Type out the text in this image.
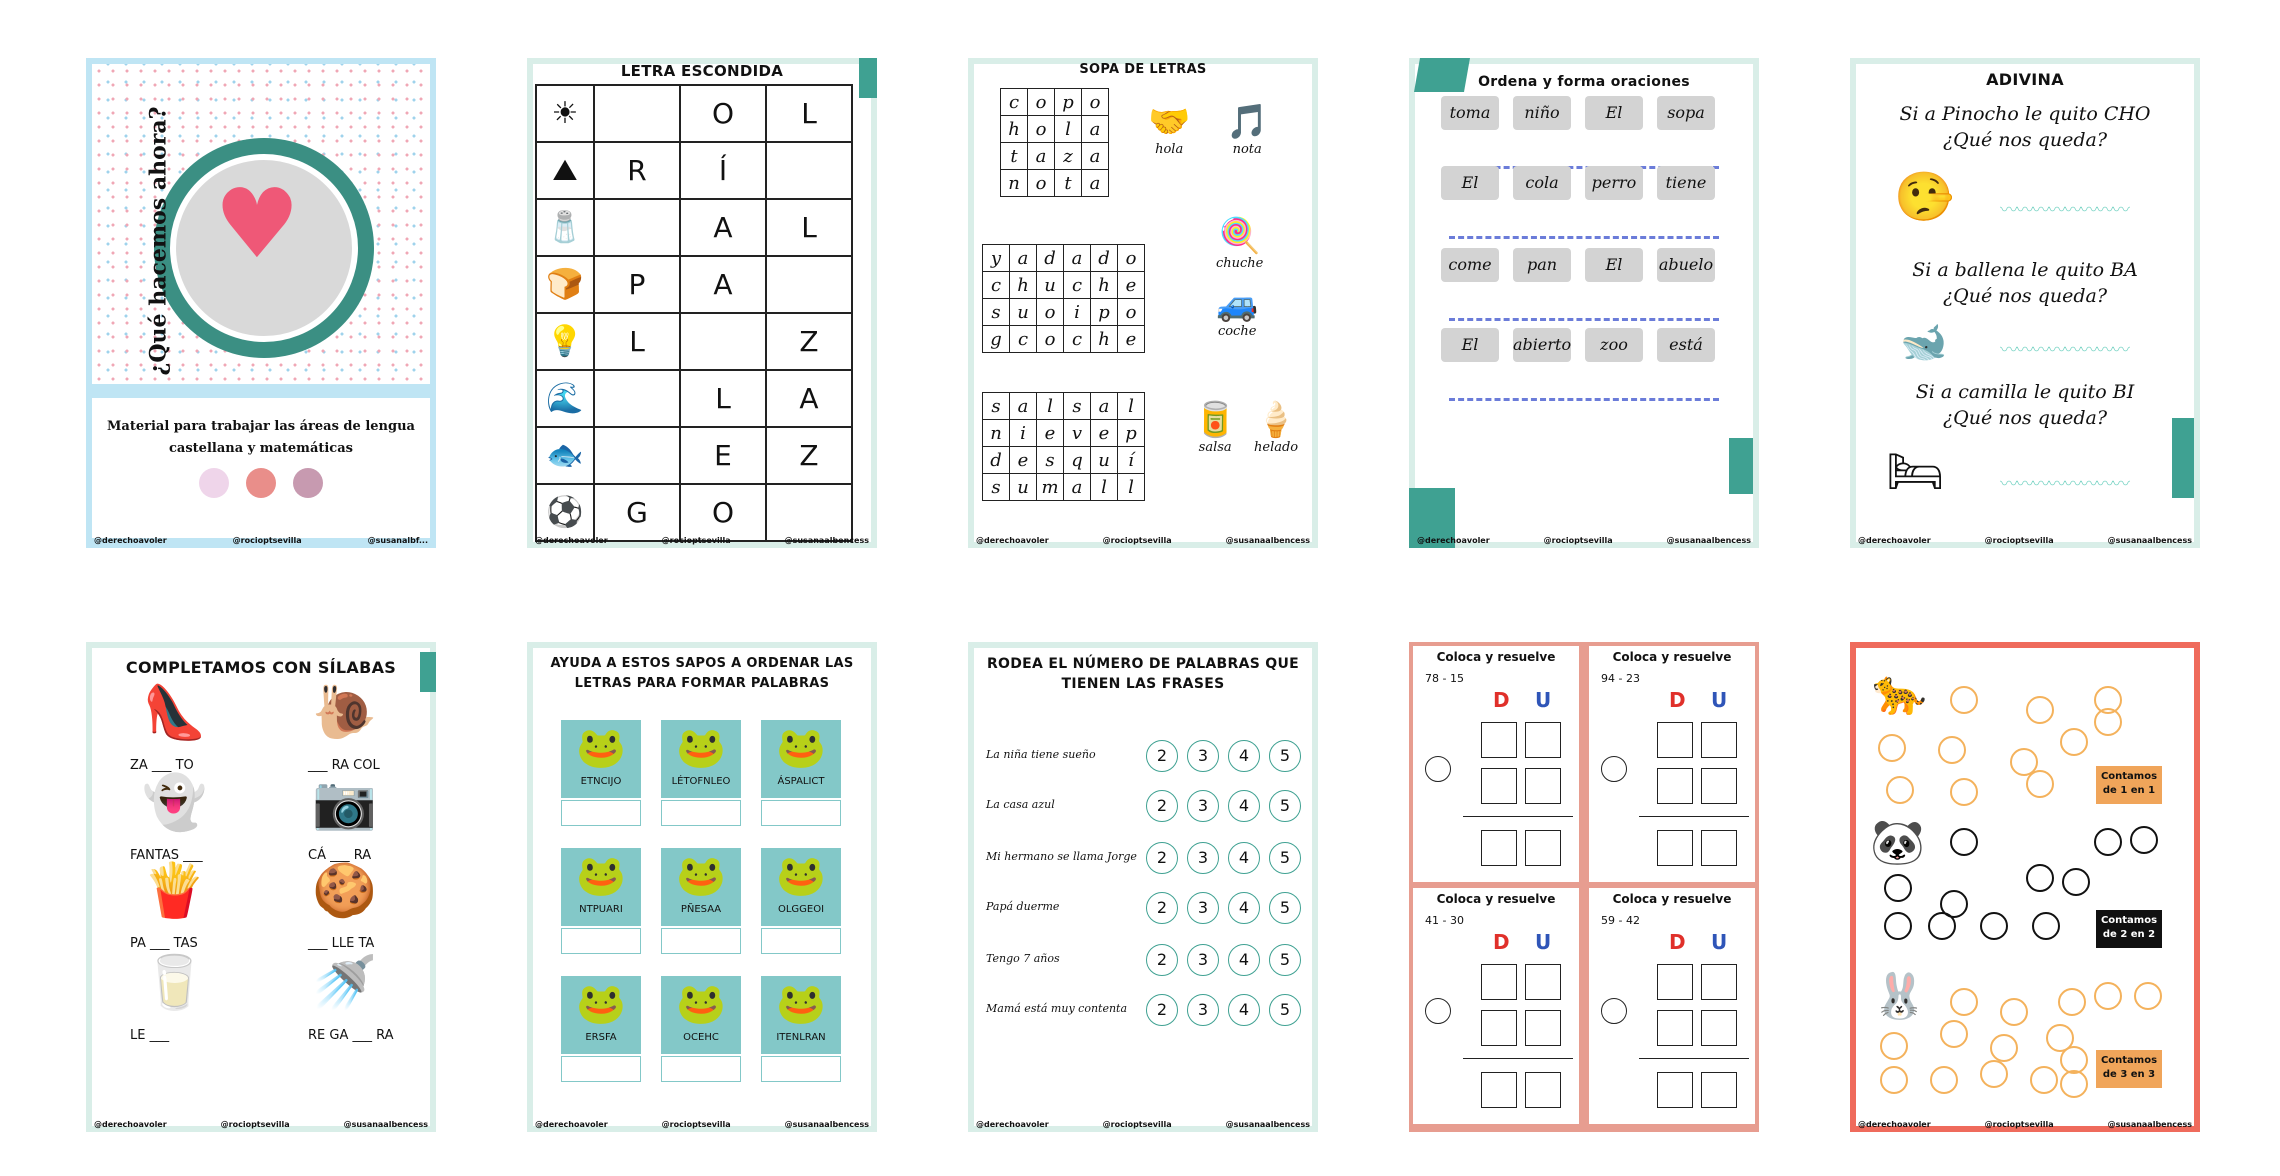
♥
¿Qué hacemos ahora?

Material para trabajar las áreas de lengua castellana y matemáticas

@derechoavoler	@rocioptsevilla	@susanalbf...
LETRA ESCONDIDA
☀		O	L
⛰	R	Í	
🧂		A	L
🍞	P	A	
💡	L		Z
🌊		L	A
🐟		E	Z
⚽	G	O	
@derechoavoler	@rocioptsevilla	@susanaalbencess
SOPA DE LETRAS
c	o	p	o
h	o	l	a
t	a	z	a
n	o	t	a
y	a	d	a	d	o
c	h	u	c	h	e
s	u	o	i	p	o
g	c	o	c	h	e
s	a	l	s	a	l
n	i	e	v	e	p
d	e	s	q	u	í
s	u	m	a	l	l
🤝
hola
🎵
nota
🍭
chuche
🚙
coche
🥫
salsa
🍦
helado
@derechoavoler	@rocioptsevilla	@susanaalbencess
Ordena y forma oraciones
@derechoavoler	@rocioptsevilla	@susanaalbencess
toma	niño	El	sopa
El	cola	perro	tiene
come	pan	El	abuelo
El	abierto	zoo	está
ADIVINA
Si a Pinocho le quito CHO
¿Qué nos queda?
🤥	〰〰〰〰〰〰〰〰
Si a ballena le quito BA
¿Qué nos queda?
🐋	〰〰〰〰〰〰〰〰
Si a camilla le quito BI
¿Qué nos queda?
🛏	〰〰〰〰〰〰〰〰
@derechoavoler	@rocioptsevilla	@susanaalbencess
COMPLETAMOS CON SÍLABAS
@derechoavoler	@rocioptsevilla	@susanaalbencess
👠
ZA ___ TO
👻
FANTAS ___
🍟
PA ___ TAS
🥛
LE ___
🐌
___ RA COL
📷
CÁ ___ RA
🍪
___ LLE TA
🚿
RE GA ___ RA
AYUDA A ESTOS SAPOS A ORDENAR LAS LETRAS PARA FORMAR PALABRAS
@derechoavoler	@rocioptsevilla	@susanaalbencess
🐸
ETNCIJO
🐸
LÉTOFNLEO
🐸
ÁSPALICT
🐸
NTPUARI
🐸
PÑESAA
🐸
OLGGEOI
🐸
ERSFA
🐸
OCEHC
🐸
ITENLRAN
RODEA EL NÚMERO DE PALABRAS QUE TIENEN LAS FRASES
@derechoavoler	@rocioptsevilla	@susanaalbencess
La niña tiene sueño	2	3	4	5
La casa azul	2	3	4	5
Mi hermano se llama Jorge	2	3	4	5
Papá duerme	2	3	4	5
Tengo 7 años	2	3	4	5
Mamá está muy contenta	2	3	4	5
Coloca y resuelve
78 - 15
D U
Coloca y resuelve
94 - 23
D U
Coloca y resuelve
41 - 30
D U
Coloca y resuelve
59 - 42
D U
🐆
🐼
🐰
Contamos de 1 en 1
Contamos de 2 en 2
Contamos de 3 en 3
@derechoavoler	@rocioptsevilla	@susanaalbencess
